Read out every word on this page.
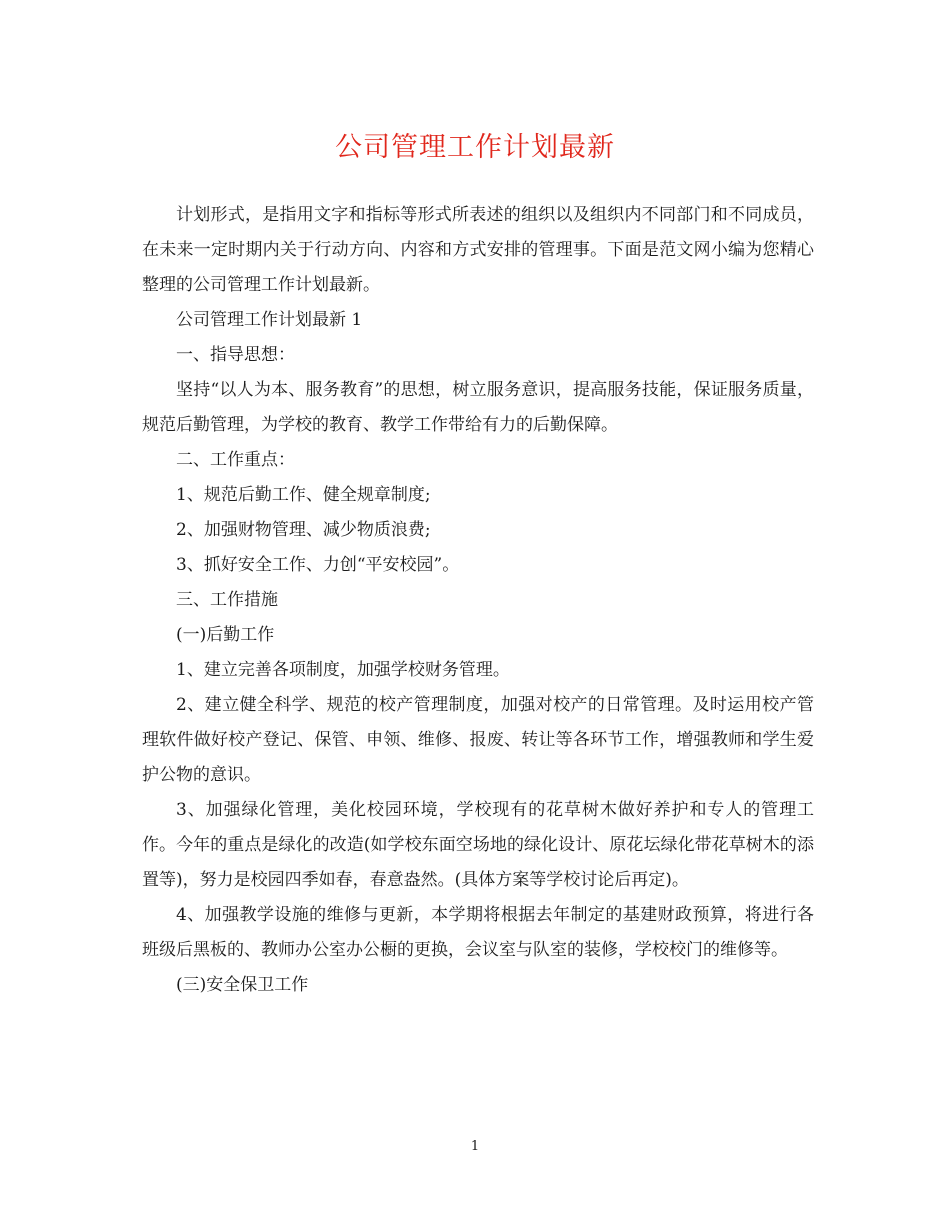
公司管理工作计划最新

计划形式，是指用文字和指标等形式所表述的组织以及组织内不同部门和不同成员，在未来一定时期内关于行动方向、内容和方式安排的管理事。下面是范文网小编为您精心整理的公司管理工作计划最新。

公司管理工作计划最新 1

一、指导思想：

坚持“以人为本、服务教育”的思想，树立服务意识，提高服务技能，保证服务质量，规范后勤管理，为学校的教育、教学工作带给有力的后勤保障。

二、工作重点：

1、规范后勤工作、健全规章制度;

2、加强财物管理、减少物质浪费;

3、抓好安全工作、力创“平安校园”。

三、工作措施

(一)后勤工作

1、建立完善各项制度，加强学校财务管理。

2、建立健全科学、规范的校产管理制度，加强对校产的日常管理。及时运用校产管理软件做好校产登记、保管、申领、维修、报废、转让等各环节工作，增强教师和学生爱护公物的意识。

3、加强绿化管理，美化校园环境，学校现有的花草树木做好养护和专人的管理工作。今年的重点是绿化的改造(如学校东面空场地的绿化设计、原花坛绿化带花草树木的添置等)，努力是校园四季如春，春意盎然。(具体方案等学校讨论后再定)。

4、加强教学设施的维修与更新，本学期将根据去年制定的基建财政预算，将进行各班级后黑板的、教师办公室办公橱的更换，会议室与队室的装修，学校校门的维修等。

(三)安全保卫工作

1
